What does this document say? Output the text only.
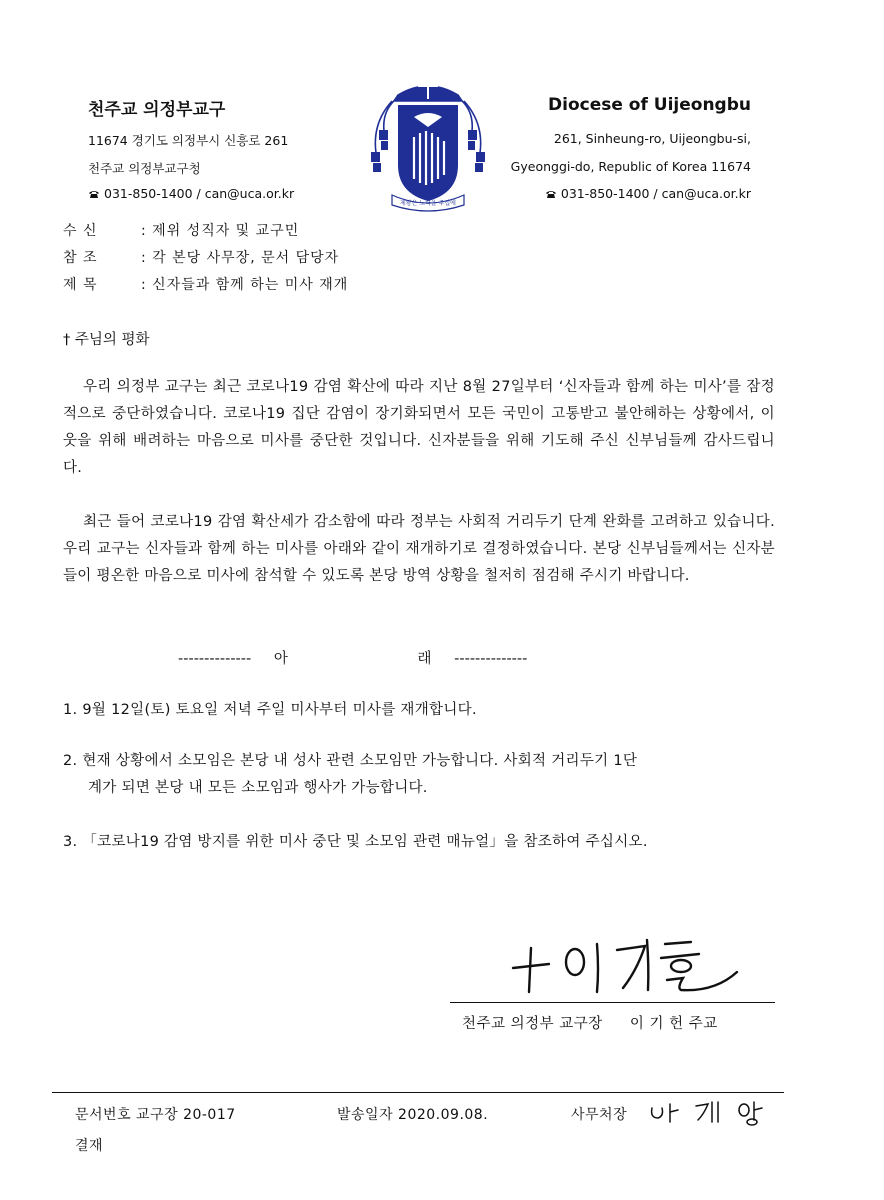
천주교 의정부교구
11674 경기도 의정부시 신흥로 261
천주교 의정부교구청
031-850-1400 / can@uca.or.kr
제왕은 노력을 주십에
Diocese of Uijeongbu
261, Sinheung-ro, Uijeongbu-si,
Gyeonggi-do, Republic of Korea 11674
031-850-1400 / can@uca.or.kr
수 신	: 제위 성직자 및 교구민
참 조	: 각 본당 사무장, 문서 담당자
제 목	: 신자들과 함께 하는 미사 재개
† 주님의 평화
우리 의정부 교구는 최근 코로나19 감염 확산에 따라 지난 8월 27일부터 ‘신자들과 함께 하는 미사’를 잠정적으로 중단하였습니다. 코로나19 집단 감염이 장기화되면서 모든 국민이 고통받고 불안해하는 상황에서, 이웃을 위해 배려하는 마음으로 미사를 중단한 것입니다. 신자분들을 위해 기도해 주신 신부님들께 감사드립니다.
최근 들어 코로나19 감염 확산세가 감소함에 따라 정부는 사회적 거리두기 단계 완화를 고려하고 있습니다. 우리 교구는 신자들과 함께 하는 미사를 아래와 같이 재개하기로 결정하였습니다. 본당 신부님들께서는 신자분들이 평온한 마음으로 미사에 참석할 수 있도록 본당 방역 상황을 철저히 점검해 주시기 바랍니다.
-------------- 아	래 --------------
1. 9월 12일(토) 토요일 저녁 주일 미사부터 미사를 재개합니다.
2. 현재 상황에서 소모임은 본당 내 성사 관련 소모임만 가능합니다. 사회적 거리두기 1단
계가 되면 본당 내 모든 소모임과 행사가 가능합니다.
3. 「코로나19 감염 방지를 위한 미사 중단 및 소모임 관련 매뉴얼」을 참조하여 주십시오.
천주교 의정부 교구장 이 기 헌 주교
문서번호 교구장 20-017	발송일자 2020.09.08.	사무처장
결재
